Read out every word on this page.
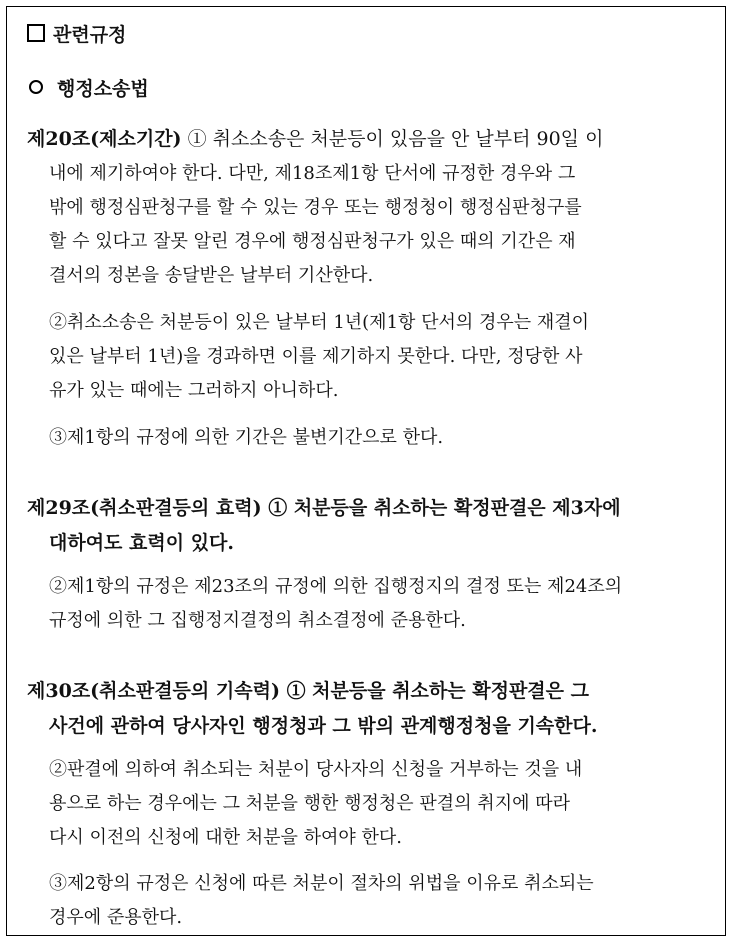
관련규정
행정소송법
제20조(제소기간) ① 취소소송은 처분등이 있음을 안 날부터 90일 이
내에 제기하여야 한다. 다만, 제18조제1항 단서에 규정한 경우와 그
밖에 행정심판청구를 할 수 있는 경우 또는 행정청이 행정심판청구를
할 수 있다고 잘못 알린 경우에 행정심판청구가 있은 때의 기간은 재
결서의 정본을 송달받은 날부터 기산한다.
②취소소송은 처분등이 있은 날부터 1년(제1항 단서의 경우는 재결이
있은 날부터 1년)을 경과하면 이를 제기하지 못한다. 다만, 정당한 사
유가 있는 때에는 그러하지 아니하다.
③제1항의 규정에 의한 기간은 불변기간으로 한다.
제29조(취소판결등의 효력) ① 처분등을 취소하는 확정판결은 제3자에
대하여도 효력이 있다.
②제1항의 규정은 제23조의 규정에 의한 집행정지의 결정 또는 제24조의
규정에 의한 그 집행정지결정의 취소결정에 준용한다.
제30조(취소판결등의 기속력) ① 처분등을 취소하는 확정판결은 그
사건에 관하여 당사자인 행정청과 그 밖의 관계행정청을 기속한다.
②판결에 의하여 취소되는 처분이 당사자의 신청을 거부하는 것을 내
용으로 하는 경우에는 그 처분을 행한 행정청은 판결의 취지에 따라
다시 이전의 신청에 대한 처분을 하여야 한다.
③제2항의 규정은 신청에 따른 처분이 절차의 위법을 이유로 취소되는
경우에 준용한다.
